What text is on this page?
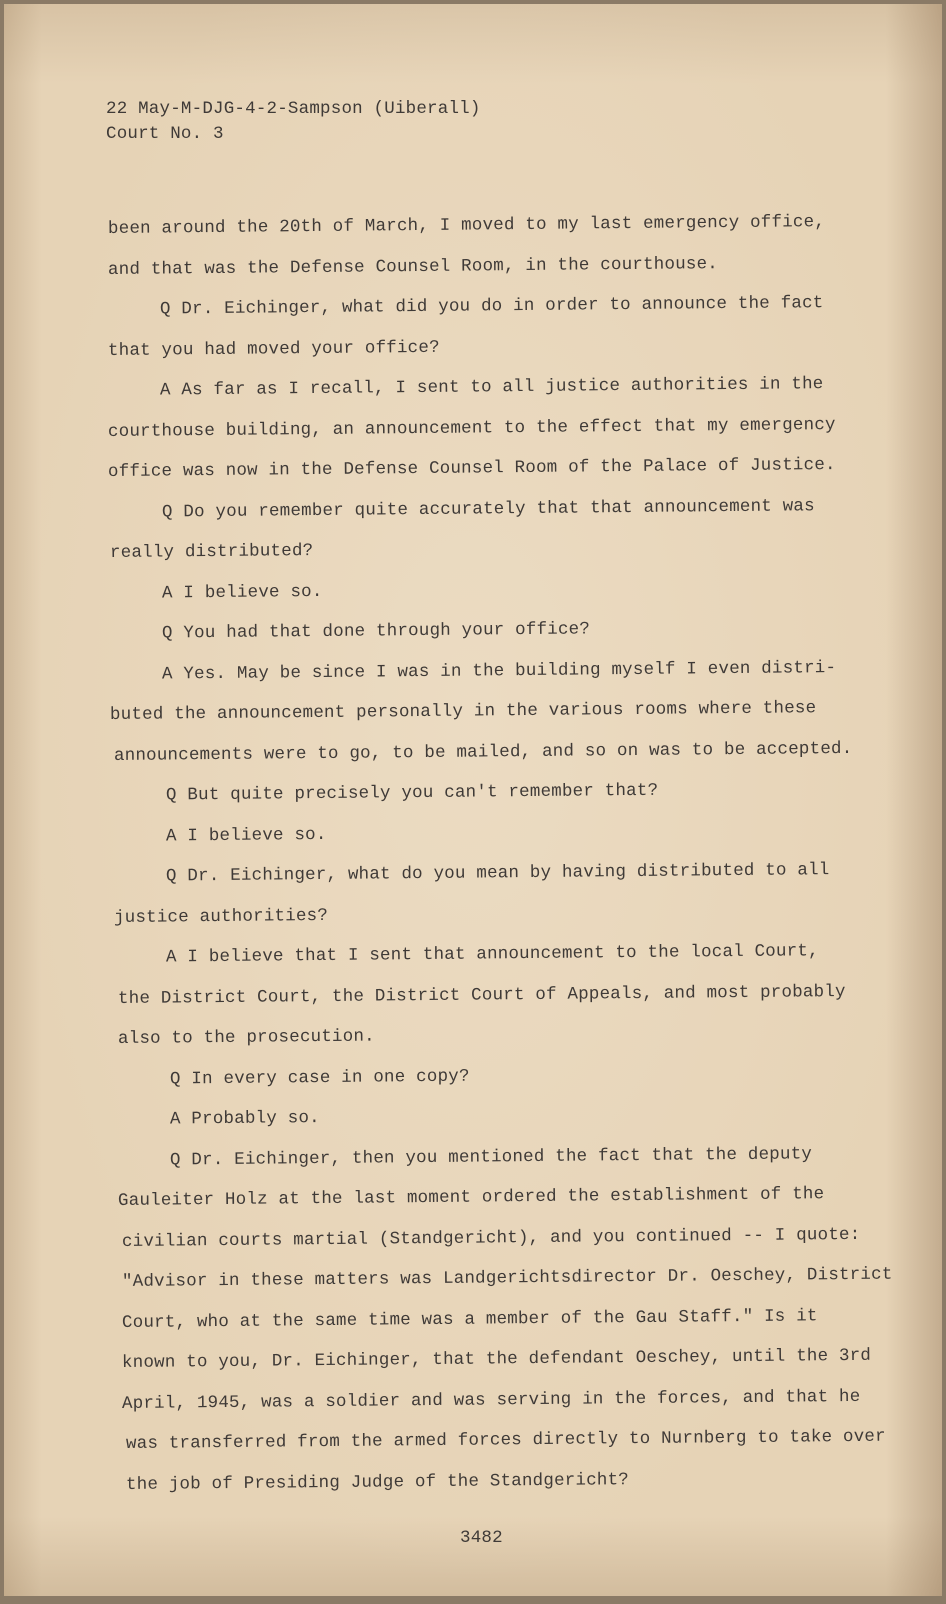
22 May-M-DJG-4-2-Sampson (Uiberall)
Court No. 3
been around the 20th of March, I moved to my last emergency office,
and that was the Defense Counsel Room, in the courthouse.
Q Dr. Eichinger, what did you do in order to announce the fact
that you had moved your office?
A As far as I recall, I sent to all justice authorities in the
courthouse building, an announcement to the effect that my emergency
office was now in the Defense Counsel Room of the Palace of Justice.
Q Do you remember quite accurately that that announcement was
really distributed?
A I believe so.
Q You had that done through your office?
A Yes. May be since I was in the building myself I even distri-
buted the announcement personally in the various rooms where these
announcements were to go, to be mailed, and so on was to be accepted.
Q But quite precisely you can't remember that?
A I believe so.
Q Dr. Eichinger, what do you mean by having distributed to all
justice authorities?
A I believe that I sent that announcement to the local Court,
the District Court, the District Court of Appeals, and most probably
also to the prosecution.
Q In every case in one copy?
A Probably so.
Q Dr. Eichinger, then you mentioned the fact that the deputy
Gauleiter Holz at the last moment ordered the establishment of the
civilian courts martial (Standgericht), and you continued -- I quote:
"Advisor in these matters was Landgerichtsdirector Dr. Oeschey, District
Court, who at the same time was a member of the Gau Staff." Is it
known to you, Dr. Eichinger, that the defendant Oeschey, until the 3rd
April, 1945, was a soldier and was serving in the forces, and that he
was transferred from the armed forces directly to Nurnberg to take over
the job of Presiding Judge of the Standgericht?
3482
